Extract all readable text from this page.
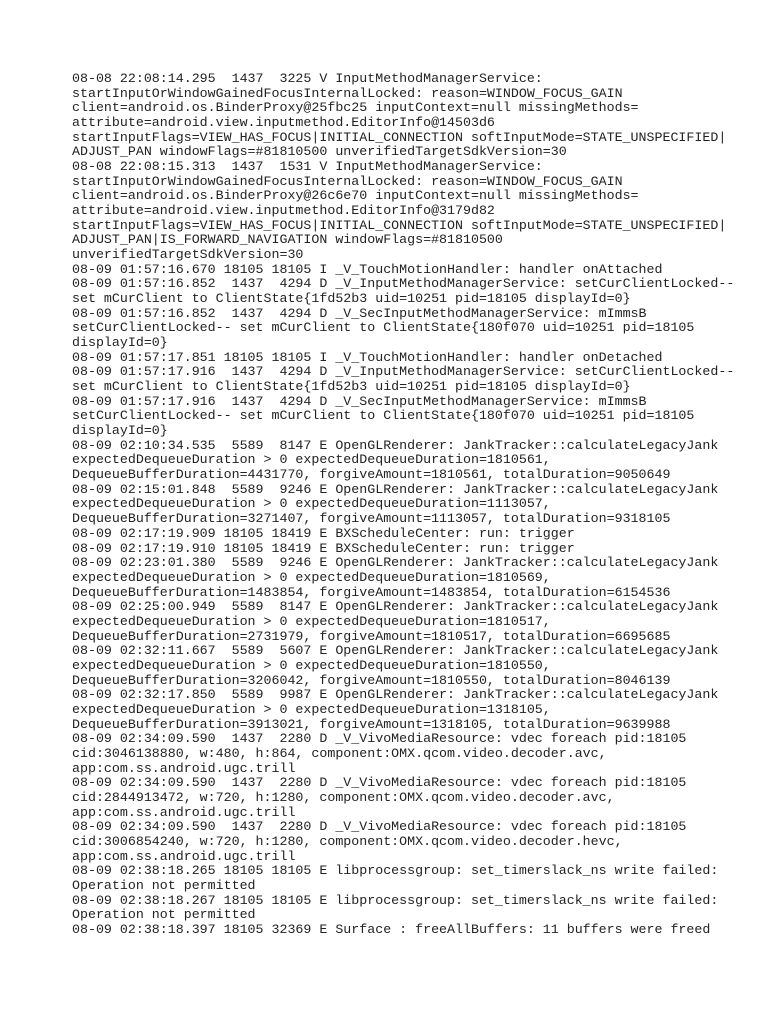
08-08 22:08:14.295  1437  3225 V InputMethodManagerService:
startInputOrWindowGainedFocusInternalLocked: reason=WINDOW_FOCUS_GAIN
client=android.os.BinderProxy@25fbc25 inputContext=null missingMethods=
attribute=android.view.inputmethod.EditorInfo@14503d6
startInputFlags=VIEW_HAS_FOCUS|INITIAL_CONNECTION softInputMode=STATE_UNSPECIFIED|
ADJUST_PAN windowFlags=#81810500 unverifiedTargetSdkVersion=30
08-08 22:08:15.313  1437  1531 V InputMethodManagerService:
startInputOrWindowGainedFocusInternalLocked: reason=WINDOW_FOCUS_GAIN
client=android.os.BinderProxy@26c6e70 inputContext=null missingMethods=
attribute=android.view.inputmethod.EditorInfo@3179d82
startInputFlags=VIEW_HAS_FOCUS|INITIAL_CONNECTION softInputMode=STATE_UNSPECIFIED|
ADJUST_PAN|IS_FORWARD_NAVIGATION windowFlags=#81810500
unverifiedTargetSdkVersion=30
08-09 01:57:16.670 18105 18105 I _V_TouchMotionHandler: handler onAttached
08-09 01:57:16.852  1437  4294 D _V_InputMethodManagerService: setCurClientLocked--
set mCurClient to ClientState{1fd52b3 uid=10251 pid=18105 displayId=0}
08-09 01:57:16.852  1437  4294 D _V_SecInputMethodManagerService: mImmsB
setCurClientLocked-- set mCurClient to ClientState{180f070 uid=10251 pid=18105
displayId=0}
08-09 01:57:17.851 18105 18105 I _V_TouchMotionHandler: handler onDetached
08-09 01:57:17.916  1437  4294 D _V_InputMethodManagerService: setCurClientLocked--
set mCurClient to ClientState{1fd52b3 uid=10251 pid=18105 displayId=0}
08-09 01:57:17.916  1437  4294 D _V_SecInputMethodManagerService: mImmsB
setCurClientLocked-- set mCurClient to ClientState{180f070 uid=10251 pid=18105
displayId=0}
08-09 02:10:34.535  5589  8147 E OpenGLRenderer: JankTracker::calculateLegacyJank
expectedDequeueDuration > 0 expectedDequeueDuration=1810561,
DequeueBufferDuration=4431770, forgiveAmount=1810561, totalDuration=9050649
08-09 02:15:01.848  5589  9246 E OpenGLRenderer: JankTracker::calculateLegacyJank
expectedDequeueDuration > 0 expectedDequeueDuration=1113057,
DequeueBufferDuration=3271407, forgiveAmount=1113057, totalDuration=9318105
08-09 02:17:19.909 18105 18419 E BXScheduleCenter: run: trigger
08-09 02:17:19.910 18105 18419 E BXScheduleCenter: run: trigger
08-09 02:23:01.380  5589  9246 E OpenGLRenderer: JankTracker::calculateLegacyJank
expectedDequeueDuration > 0 expectedDequeueDuration=1810569,
DequeueBufferDuration=1483854, forgiveAmount=1483854, totalDuration=6154536
08-09 02:25:00.949  5589  8147 E OpenGLRenderer: JankTracker::calculateLegacyJank
expectedDequeueDuration > 0 expectedDequeueDuration=1810517,
DequeueBufferDuration=2731979, forgiveAmount=1810517, totalDuration=6695685
08-09 02:32:11.667  5589  5607 E OpenGLRenderer: JankTracker::calculateLegacyJank
expectedDequeueDuration > 0 expectedDequeueDuration=1810550,
DequeueBufferDuration=3206042, forgiveAmount=1810550, totalDuration=8046139
08-09 02:32:17.850  5589  9987 E OpenGLRenderer: JankTracker::calculateLegacyJank
expectedDequeueDuration > 0 expectedDequeueDuration=1318105,
DequeueBufferDuration=3913021, forgiveAmount=1318105, totalDuration=9639988
08-09 02:34:09.590  1437  2280 D _V_VivoMediaResource: vdec foreach pid:18105
cid:3046138880, w:480, h:864, component:OMX.qcom.video.decoder.avc,
app:com.ss.android.ugc.trill
08-09 02:34:09.590  1437  2280 D _V_VivoMediaResource: vdec foreach pid:18105
cid:2844913472, w:720, h:1280, component:OMX.qcom.video.decoder.avc,
app:com.ss.android.ugc.trill
08-09 02:34:09.590  1437  2280 D _V_VivoMediaResource: vdec foreach pid:18105
cid:3006854240, w:720, h:1280, component:OMX.qcom.video.decoder.hevc,
app:com.ss.android.ugc.trill
08-09 02:38:18.265 18105 18105 E libprocessgroup: set_timerslack_ns write failed:
Operation not permitted
08-09 02:38:18.267 18105 18105 E libprocessgroup: set_timerslack_ns write failed:
Operation not permitted
08-09 02:38:18.397 18105 32369 E Surface : freeAllBuffers: 11 buffers were freed
